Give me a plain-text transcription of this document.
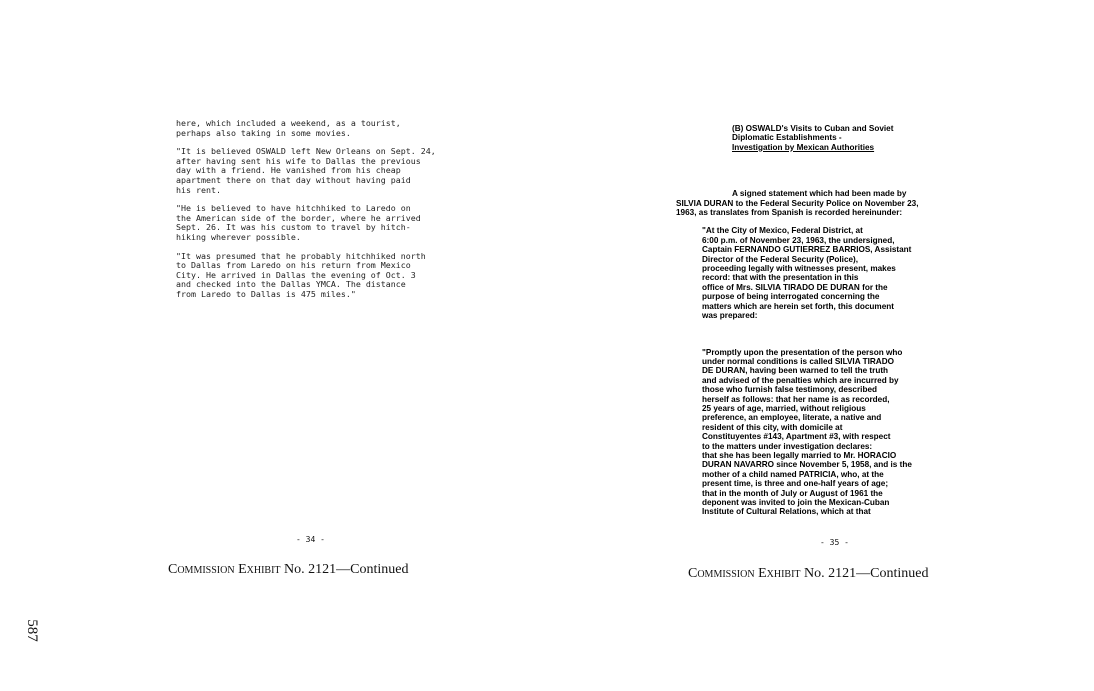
here, which included a weekend, as a tourist,
perhaps also taking in some movies.

"It is believed OSWALD left New Orleans on Sept. 24,
after having sent his wife to Dallas the previous
day with a friend. He vanished from his cheap
apartment there on that day without having paid
his rent.

"He is believed to have hitchhiked to Laredo on
the American side of the border, where he arrived
Sept. 26. It was his custom to travel by hitch-
hiking wherever possible.

"It was presumed that he probably hitchhiked north
to Dallas from Laredo on his return from Mexico
City. He arrived in Dallas the evening of Oct. 3
and checked into the Dallas YMCA. The distance
from Laredo to Dallas is 475 miles."

- 34 -
Commission Exhibit No. 2121—Continued

(B) OSWALD's Visits to Cuban and Soviet

Diplomatic Establishments -

Investigation by Mexican Authorities

A signed statement which had been made by
SILVIA DURAN to the Federal Security Police on November 23,
1963, as translates from Spanish is recorded hereinunder:

"At the City of Mexico, Federal District, at
6:00 p.m. of November 23, 1963, the undersigned,
Captain FERNANDO GUTIERREZ BARRIOS, Assistant
Director of the Federal Security (Police),
proceeding legally with witnesses present, makes
record: that with the presentation in this
office of Mrs. SILVIA TIRADO DE DURAN for the
purpose of being interrogated concerning the
matters which are herein set forth, this document
was prepared:

"Promptly upon the presentation of the person who
under normal conditions is called SILVIA TIRADO
DE DURAN, having been warned to tell the truth
and advised of the penalties which are incurred by
those who furnish false testimony, described
herself as follows: that her name is as recorded,
25 years of age, married, without religious
preference, an employee, literate, a native and
resident of this city, with domicile at
Constituyentes #143, Apartment #3, with respect
to the matters under investigation declares:
that she has been legally married to Mr. HORACIO
DURAN NAVARRO since November 5, 1958, and is the
mother of a child named PATRICIA, who, at the
present time, is three and one-half years of age;
that in the month of July or August of 1961 the
deponent was invited to join the Mexican-Cuban
Institute of Cultural Relations, which at that

- 35 -
Commission Exhibit No. 2121—Continued
587
